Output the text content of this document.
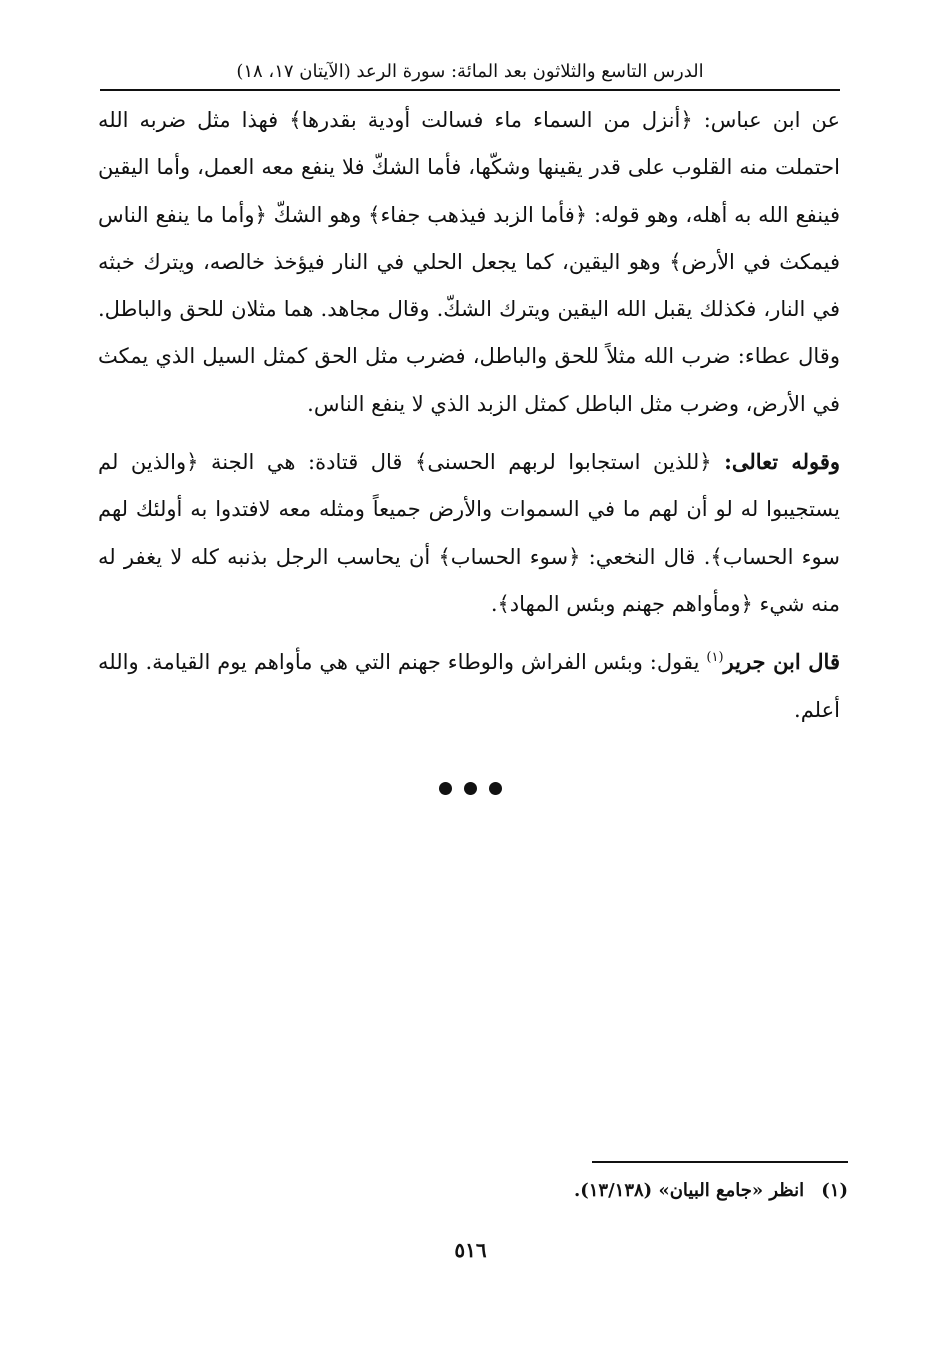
الدرس التاسع والثلاثون بعد المائة: سورة الرعد (الآيتان ١٧، ١٨)

عن ابن عباس: ﴿أنزل من السماء ماء فسالت أودية بقدرها﴾ فهذا مثل ضربه الله احتملت منه القلوب على قدر يقينها وشكّها، فأما الشكّ فلا ينفع معه العمل، وأما اليقين فينفع الله به أهله، وهو قوله: ﴿فأما الزبد فيذهب جفاء﴾ وهو الشكّ ﴿وأما ما ينفع الناس فيمكث في الأرض﴾ وهو اليقين، كما يجعل الحلي في النار فيؤخذ خالصه، ويترك خبثه في النار، فكذلك يقبل الله اليقين ويترك الشكّ. وقال مجاهد. هما مثلان للحق والباطل. وقال عطاء: ضرب الله مثلاً للحق والباطل، فضرب مثل الحق كمثل السيل الذي يمكث في الأرض، وضرب مثل الباطل كمثل الزبد الذي لا ينفع الناس.

وقوله تعالى: ﴿للذين استجابوا لربهم الحسنى﴾ قال قتادة: هي الجنة ﴿والذين لم يستجيبوا له لو أن لهم ما في السموات والأرض جميعاً ومثله معه لافتدوا به أولئك لهم سوء الحساب﴾. قال النخعي: ﴿سوء الحساب﴾ أن يحاسب الرجل بذنبه كله لا يغفر له منه شيء ﴿ومأواهم جهنم وبئس المهاد﴾.

قال ابن جرير$^{(١)}$ يقول: وبئس الفراش والوطاء جهنم التي هي مأواهم يوم القيامة. والله أعلم.

(١)   انظر «جامع البيان» (١٣/١٣٨).
٥١٦
